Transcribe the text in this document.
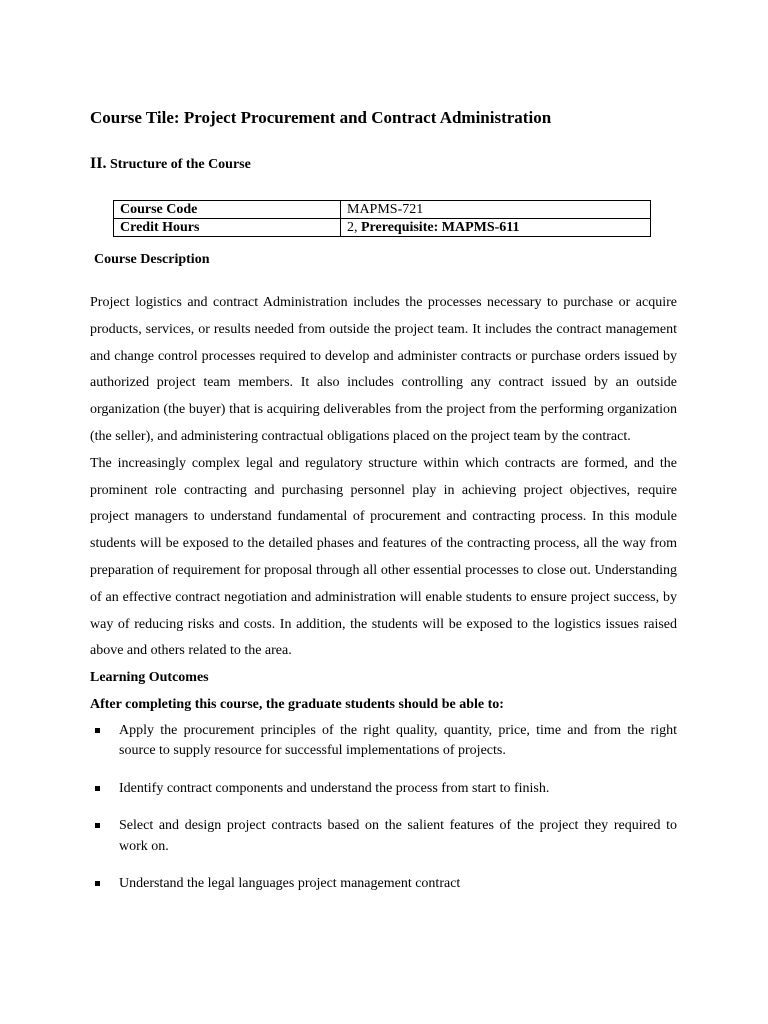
Course Tile: Project Procurement and Contract Administration
II. Structure of the Course
Course Code	MAPMS-721
Credit Hours	2, Prerequisite: MAPMS-611
Course Description

Project logistics and contract Administration includes the processes necessary to purchase or acquire products, services, or results needed from outside the project team. It includes the contract management and change control processes required to develop and administer contracts or purchase orders issued by authorized project team members. It also includes controlling any contract issued by an outside organization (the buyer) that is acquiring deliverables from the project from the performing organization (the seller), and administering contractual obligations placed on the project team by the contract.

The increasingly complex legal and regulatory structure within which contracts are formed, and the prominent role contracting and purchasing personnel play in achieving project objectives, require project managers to understand fundamental of procurement and contracting process. In this module students will be exposed to the detailed phases and features of the contracting process, all the way from preparation of requirement for proposal through all other essential processes to close out. Understanding of an effective contract negotiation and administration will enable students to ensure project success, by way of reducing risks and costs. In addition, the students will be exposed to the logistics issues raised above and others related to the area.

Learning Outcomes

After completing this course, the graduate students should be able to:

Apply the procurement principles of the right quality, quantity, price, time and from the right source to supply resource for successful implementations of projects.
Identify contract components and understand the process from start to finish.
Select and design project contracts based on the salient features of the project they required to work on.
Understand the legal languages project management contract
